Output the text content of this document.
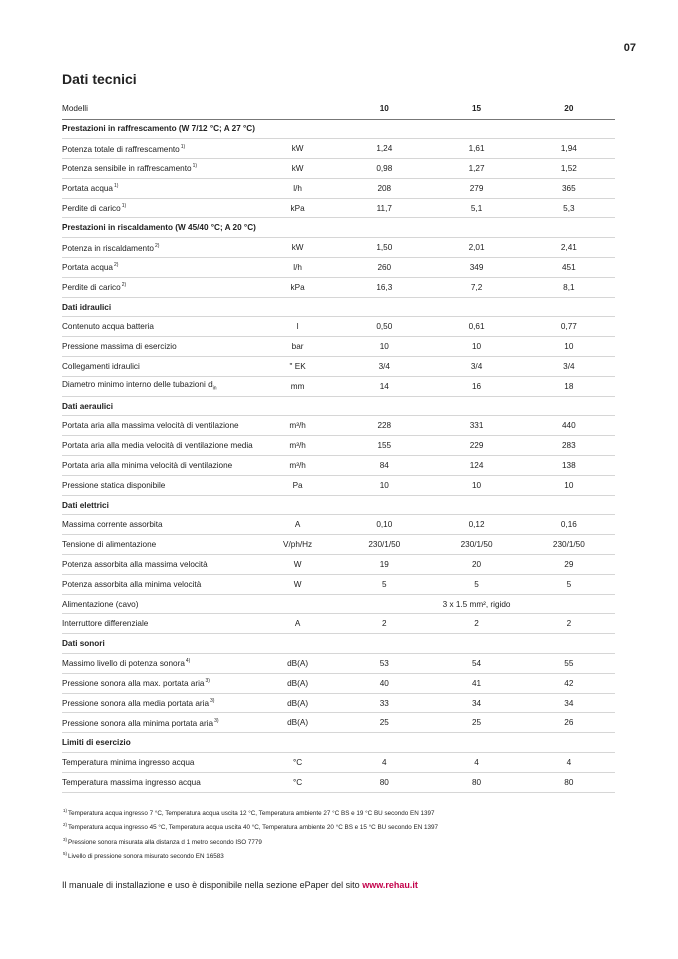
07
Dati tecnici
Modelli	10	15	20
Prestazioni in raffrescamento (W 7/12 °C; A 27 °C)
Potenza totale di raffrescamento$^{1)}$	kW	1,24	1,61	1,94
Potenza sensibile in raffrescamento$^{1)}$	kW	0,98	1,27	1,52
Portata acqua$^{1)}$	l/h	208	279	365
Perdite di carico$^{1)}$	kPa	11,7	5,1	5,3
Prestazioni in riscaldamento (W 45/40 °C; A 20 °C)
Potenza in riscaldamento$^{2)}$	kW	1,50	2,01	2,41
Portata acqua$^{2)}$	l/h	260	349	451
Perdite di carico$^{2)}$	kPa	16,3	7,2	8,1
Dati idraulici
Contenuto acqua batteria	l	0,50	0,61	0,77
Pressione massima di esercizio	bar	10	10	10
Collegamenti idraulici	" EK	3/4	3/4	3/4
Diametro minimo interno delle tubazioni $d_{in}$	mm	14	16	18
Dati aeraulici
Portata aria alla massima velocità di ventilazione	m³/h	228	331	440
Portata aria alla media velocità di ventilazione media	m³/h	155	229	283
Portata aria alla minima velocità di ventilazione	m³/h	84	124	138
Pressione statica disponibile	Pa	10	10	10
Dati elettrici
Massima corrente assorbita	A	0,10	0,12	0,16
Tensione di alimentazione	V/ph/Hz	230/1/50	230/1/50	230/1/50
Potenza assorbita alla massima velocità	W	19	20	29
Potenza assorbita alla minima velocità	W	5	5	5
Alimentazione (cavo)	3 x 1.5 mm², rigido
Interruttore differenziale	A	2	2	2
Dati sonori
Massimo livello di potenza sonora$^{4)}$	dB(A)	53	54	55
Pressione sonora alla max. portata aria$^{3)}$	dB(A)	40	41	42
Pressione sonora alla media portata aria$^{3)}$	dB(A)	33	34	34
Pressione sonora alla minima portata aria$^{3)}$	dB(A)	25	25	26
Limiti di esercizio
Temperatura minima ingresso acqua	°C	4	4	4
Temperatura massima ingresso acqua	°C	80	80	80
$^{1)}$Temperatura acqua ingresso 7 °C, Temperatura acqua uscita 12 °C, Temperatura ambiente 27 °C BS e 19 °C BU secondo EN 1397
$^{2)}$Temperatura acqua ingresso 45 °C, Temperatura acqua uscita 40 °C, Temperatura ambiente 20 °C BS e 15 °C BU secondo EN 1397
$^{3)}$Pressione sonora misurata alla distanza d 1 metro secondo ISO 7779
$^{5)}$Livello di pressione sonora misurato secondo EN 16583
Il manuale di installazione e uso è disponibile nella sezione ePaper del sito www.rehau.it
